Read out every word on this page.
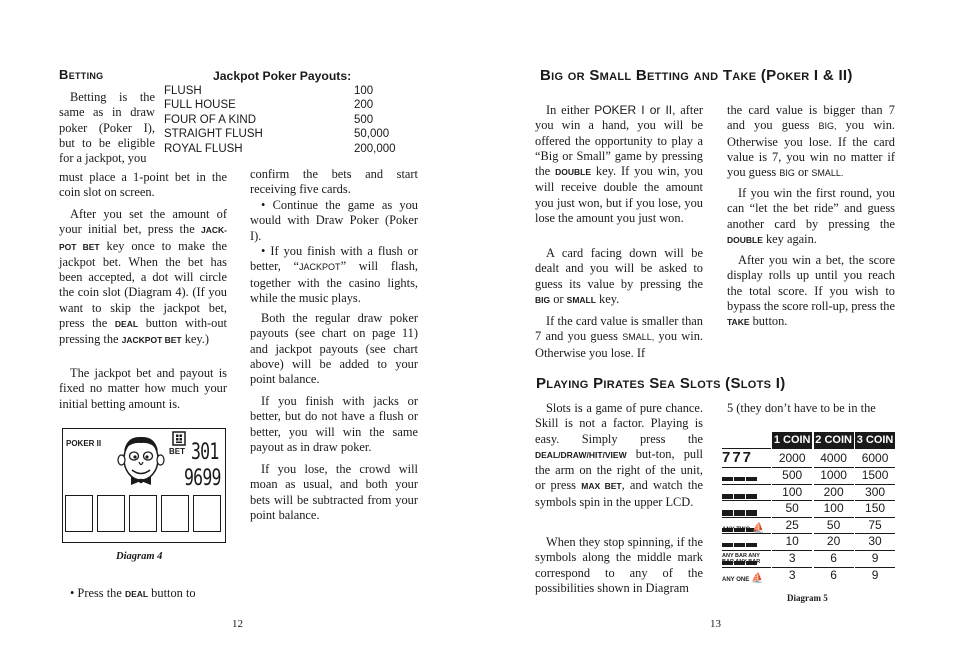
Betting

Betting is the same as in draw poker (Poker I), but to be eligible for a jackpot, you

Jackpot Poker Payouts:
FLUSH	100
FULL HOUSE	200
FOUR OF A KIND	500
STRAIGHT FLUSH	50,000
ROYAL FLUSH	200,000

must place a 1-point bet in the coin slot on screen.

After you set the amount of your initial bet, press the JACK-POT BET key once to make the jackpot bet. When the bet has been accepted, a dot will circle the coin slot (Diagram 4). (If you want to skip the jackpot bet, press the DEAL button with-out pressing the JACKPOT BET key.)

The jackpot bet and payout is fixed no matter how much your initial betting amount is.

POKER II
BET 301
9699
Diagram 4

• Press the DEAL button to

confirm the bets and start receiving five cards.

• Continue the game as you would with Draw Poker (Poker I).

• If you finish with a flush or better, “JACKPOT” will flash, together with the casino lights, while the music plays.

Both the regular draw poker payouts (see chart on page 11) and jackpot payouts (see chart above) will be added to your point balance.

If you finish with jacks or better, but do not have a flush or better, you will win the same payout as in draw poker.

If you lose, the crowd will moan as usual, and both your bets will be subtracted from your point balance.

12
Big or Small Betting and Take (Poker I & II)

In either POKER I or II, after you win a hand, you will be offered the opportunity to play a “Big or Small” game by pressing the DOUBLE key. If you win, you will receive double the amount you just won, but if you lose, you lose the amount you just won.

A card facing down will be dealt and you will be asked to guess its value by pressing the BIG or SMALL key.

If the card value is smaller than 7 and you guess SMALL, you win. Otherwise you lose. If

the card value is bigger than 7 and you guess BIG, you win. Otherwise you lose. If the card value is 7, you win no matter if you guess BIG or SMALL.

If you win the first round, you can “let the bet ride” and guess another card by pressing the DOUBLE key again.

After you win a bet, the score display rolls up until you reach the total score. If you wish to bypass the score roll-up, press the TAKE button.

Playing Pirates Sea Slots (Slots I)

Slots is a game of pure chance. Skill is not a factor. Playing is easy. Simply press the DEAL/DRAW/HIT/VIEW but-ton, pull the arm on the right of the unit, or press MAX BET, and watch the symbols spin in the upper LCD.

When they stop spinning, if the symbols along the middle mark correspond to any of the possibilities shown in Diagram

5 (they don’t have to be in the

1 COIN 2 COIN 3 COIN
777	2000	4000	6000

500	1000	1500

100	200	300

50	100	150
ANY TWO ⛵	25	50	75

10	20	30
ANY BAR ANY BAR ANY BAR	3	6	9
ANY ONE ⛵	3	6	9
Diagram 5
13
